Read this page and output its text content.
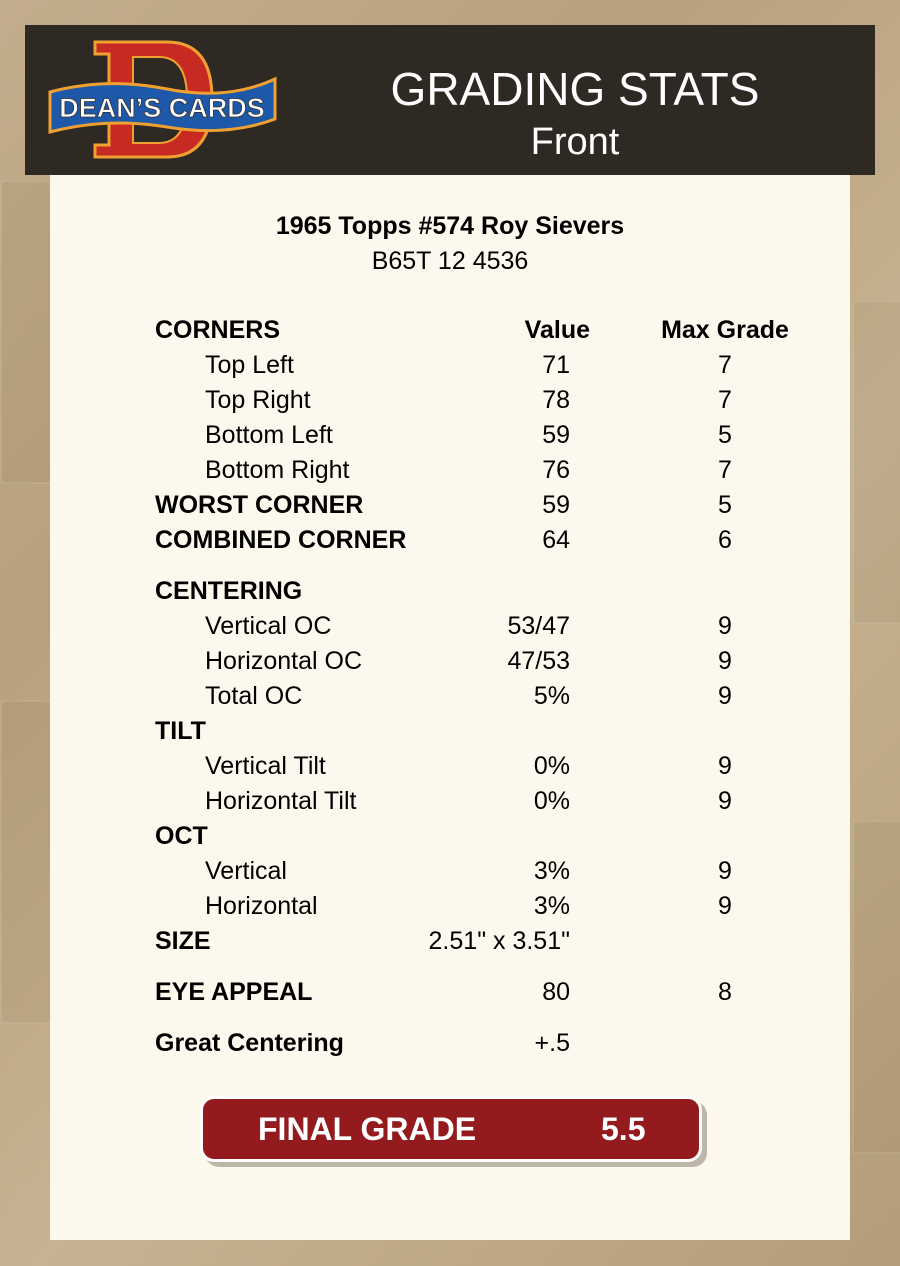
DEAN’S CARDS	GRADING STATS
Front
1965 Topps #574 Roy Sievers
B65T 12 4536
CORNERS	Value	Max Grade
Top Left	71	7
Top Right	78	7
Bottom Left	59	5
Bottom Right	76	7
WORST CORNER	59	5
COMBINED CORNER	64	6
CENTERING
Vertical OC	53/47	9
Horizontal OC	47/53	9
Total OC	5%	9
TILT
Vertical Tilt	0%	9
Horizontal Tilt	0%	9
OCT
Vertical	3%	9
Horizontal	3%	9
SIZE	2.51" x 3.51"
EYE APPEAL	80	8
Great Centering	+.5
FINAL GRADE	5.5
